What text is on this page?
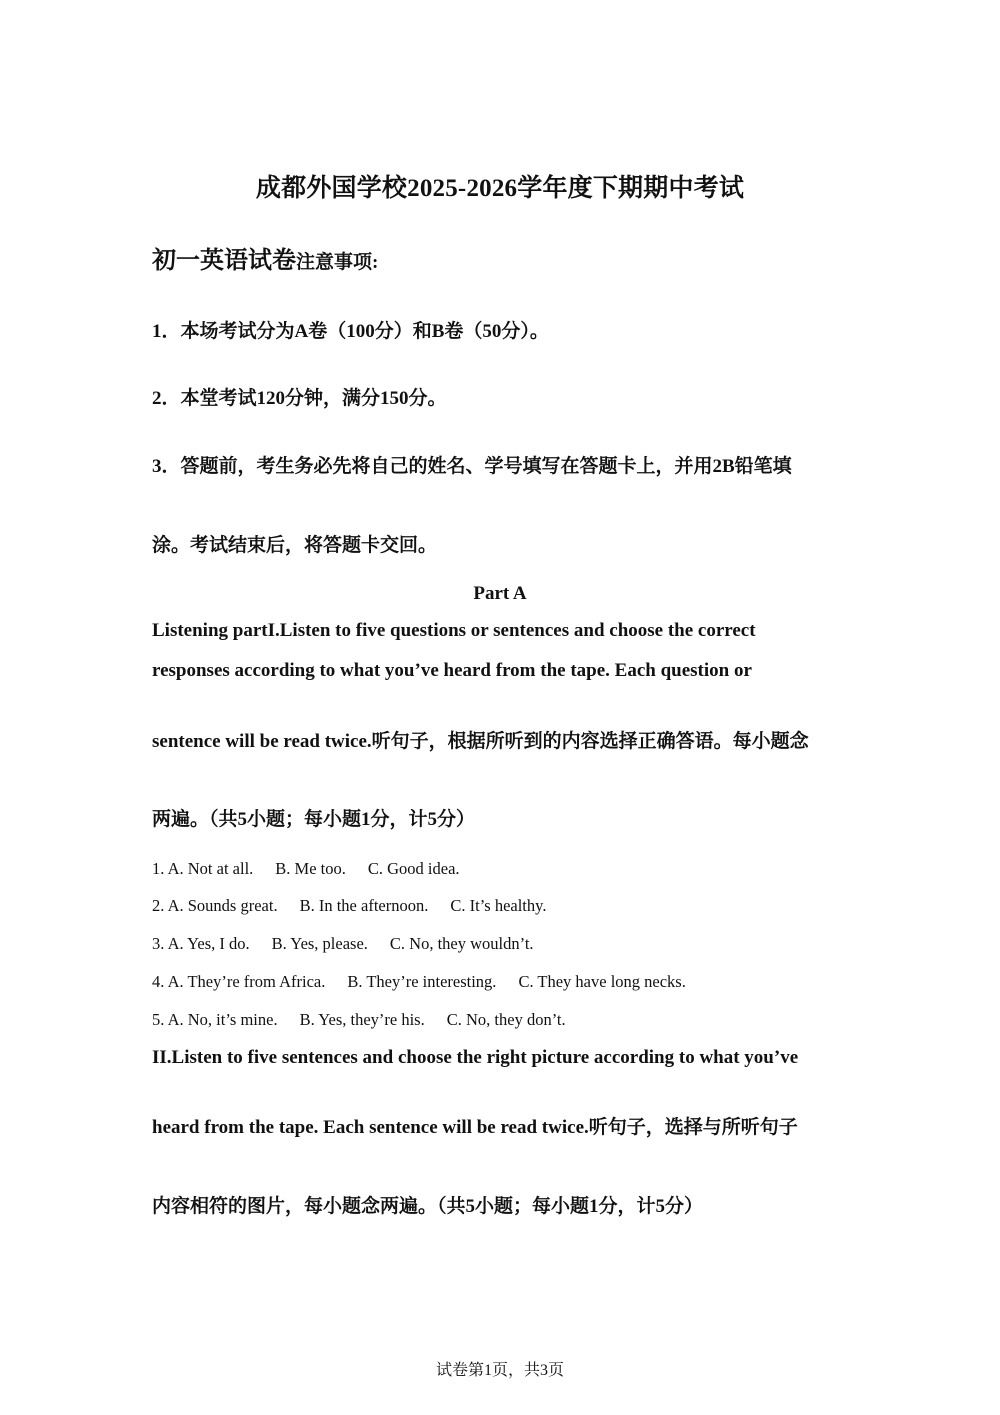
成都外国学校2025-2026学年度下期期中考试
初一英语试卷注意事项:
1．本场考试分为A卷（100分）和B卷（50分）。
2．本堂考试120分钟，满分150分。
3．答题前，考生务必先将自己的姓名、学号填写在答题卡上，并用2B铅笔填
涂。考试结束后，将答题卡交回。
Part A
Listening partI.Listen to five questions or sentences and choose the correct
responses according to what you’ve heard from the tape. Each question or
sentence will be read twice.听句子，根据所听到的内容选择正确答语。每小题念
两遍。（共5小题；每小题1分，计5分）
1. A. Not at all. B. Me too. C. Good idea.
2. A. Sounds great. B. In the afternoon. C. It’s healthy.
3. A. Yes, I do. B. Yes, please. C. No, they wouldn’t.
4. A. They’re from Africa. B. They’re interesting. C. They have long necks.
5. A. No, it’s mine. B. Yes, they’re his. C. No, they don’t.
II.Listen to five sentences and choose the right picture according to what you’ve
heard from the tape. Each sentence will be read twice.听句子，选择与所听句子
内容相符的图片，每小题念两遍。（共5小题；每小题1分，计5分）
试卷第1页，共3页
